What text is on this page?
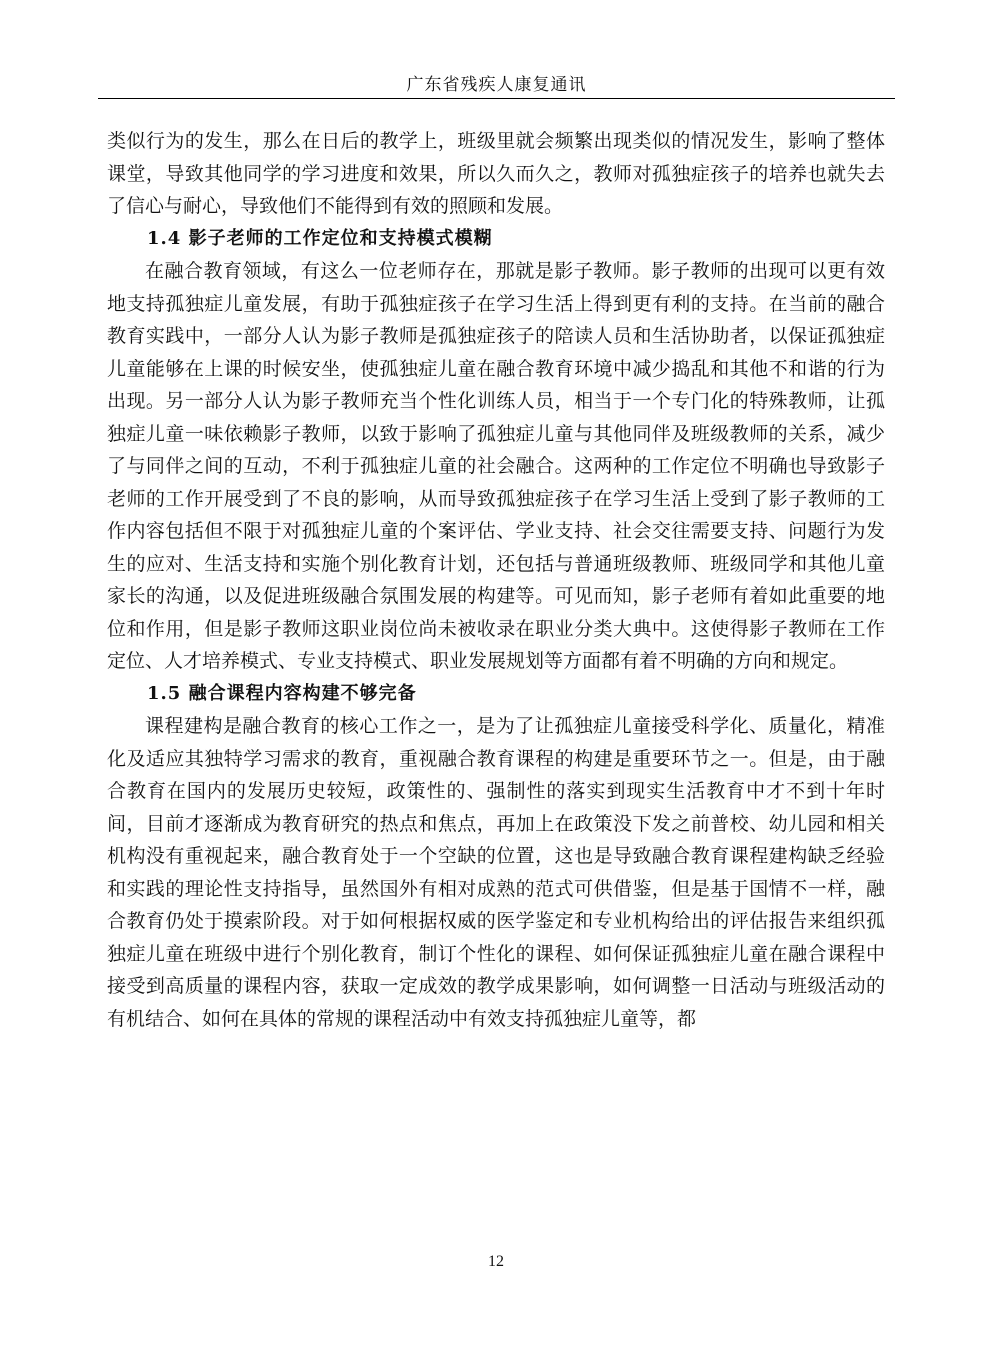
广东省残疾人康复通讯

类似行为的发生，那么在日后的教学上，班级里就会频繁出现类似的情况发生，影响了整体课堂，导致其他同学的学习进度和效果，所以久而久之，教师对孤独症孩子的培养也就失去了信心与耐心，导致他们不能得到有效的照顾和发展。

1.4 影子老师的工作定位和支持模式模糊

在融合教育领域，有这么一位老师存在，那就是影子教师。影子教师的出现可以更有效地支持孤独症儿童发展，有助于孤独症孩子在学习生活上得到更有利的支持。在当前的融合教育实践中，一部分人认为影子教师是孤独症孩子的陪读人员和生活协助者，以保证孤独症儿童能够在上课的时候安坐，使孤独症儿童在融合教育环境中减少捣乱和其他不和谐的行为出现。另一部分人认为影子教师充当个性化训练人员，相当于一个专门化的特殊教师，让孤独症儿童一味依赖影子教师，以致于影响了孤独症儿童与其他同伴及班级教师的关系，减少了与同伴之间的互动，不利于孤独症儿童的社会融合。这两种的工作定位不明确也导致影子老师的工作开展受到了不良的影响，从而导致孤独症孩子在学习生活上受到了影子教师的工作内容包括但不限于对孤独症儿童的个案评估、学业支持、社会交往需要支持、问题行为发生的应对、生活支持和实施个别化教育计划，还包括与普通班级教师、班级同学和其他儿童家长的沟通，以及促进班级融合氛围发展的构建等。可见而知，影子老师有着如此重要的地位和作用，但是影子教师这职业岗位尚未被收录在职业分类大典中。这使得影子教师在工作定位、人才培养模式、专业支持模式、职业发展规划等方面都有着不明确的方向和规定。

1.5 融合课程内容构建不够完备

课程建构是融合教育的核心工作之一，是为了让孤独症儿童接受科学化、质量化，精准化及适应其独特学习需求的教育，重视融合教育课程的构建是重要环节之一。但是，由于融合教育在国内的发展历史较短，政策性的、强制性的落实到现实生活教育中才不到十年时间，目前才逐渐成为教育研究的热点和焦点，再加上在政策没下发之前普校、幼儿园和相关机构没有重视起来，融合教育处于一个空缺的位置，这也是导致融合教育课程建构缺乏经验和实践的理论性支持指导，虽然国外有相对成熟的范式可供借鉴，但是基于国情不一样，融合教育仍处于摸索阶段。对于如何根据权威的医学鉴定和专业机构给出的评估报告来组织孤独症儿童在班级中进行个别化教育，制订个性化的课程、如何保证孤独症儿童在融合课程中接受到高质量的课程内容，获取一定成效的教学成果影响，如何调整一日活动与班级活动的有机结合、如何在具体的常规的课程活动中有效支持孤独症儿童等，都

12
